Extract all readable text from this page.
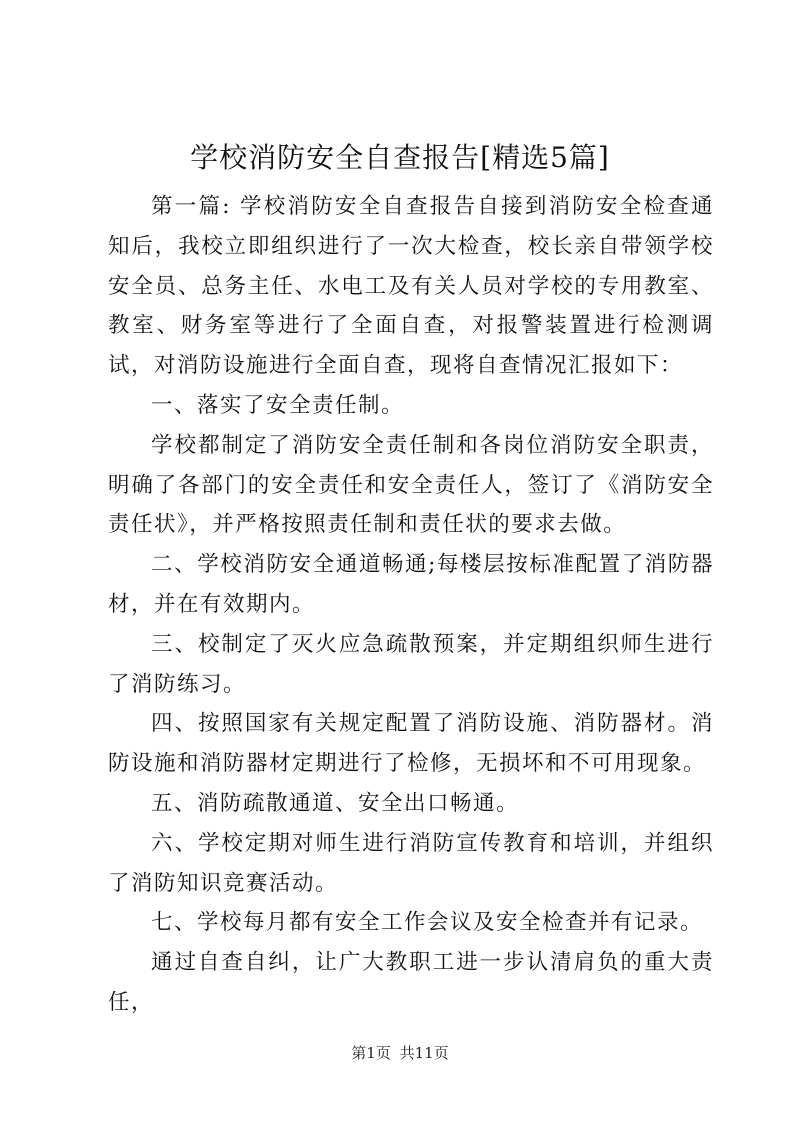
学校消防安全自查报告[精选5篇]

第一篇: 学校消防安全自查报告自接到消防安全检查通知后，我校立即组织进行了一次大检查，校长亲自带领学校安全员、总务主任、水电工及有关人员对学校的专用教室、教室、财务室等进行了全面自查，对报警装置进行检测调试，对消防设施进行全面自查，现将自查情况汇报如下：

一、落实了安全责任制。

学校都制定了消防安全责任制和各岗位消防安全职责，明确了各部门的安全责任和安全责任人，签订了《消防安全责任状》，并严格按照责任制和责任状的要求去做。

二、学校消防安全通道畅通;每楼层按标准配置了消防器材，并在有效期内。

三、校制定了灭火应急疏散预案，并定期组织师生进行了消防练习。

四、按照国家有关规定配置了消防设施、消防器材。消防设施和消防器材定期进行了检修，无损坏和不可用现象。

五、消防疏散通道、安全出口畅通。

六、学校定期对师生进行消防宣传教育和培训，并组织了消防知识竞赛活动。

七、学校每月都有安全工作会议及安全检查并有记录。

通过自查自纠，让广大教职工进一步认清肩负的重大责任，

第1页 共11页
